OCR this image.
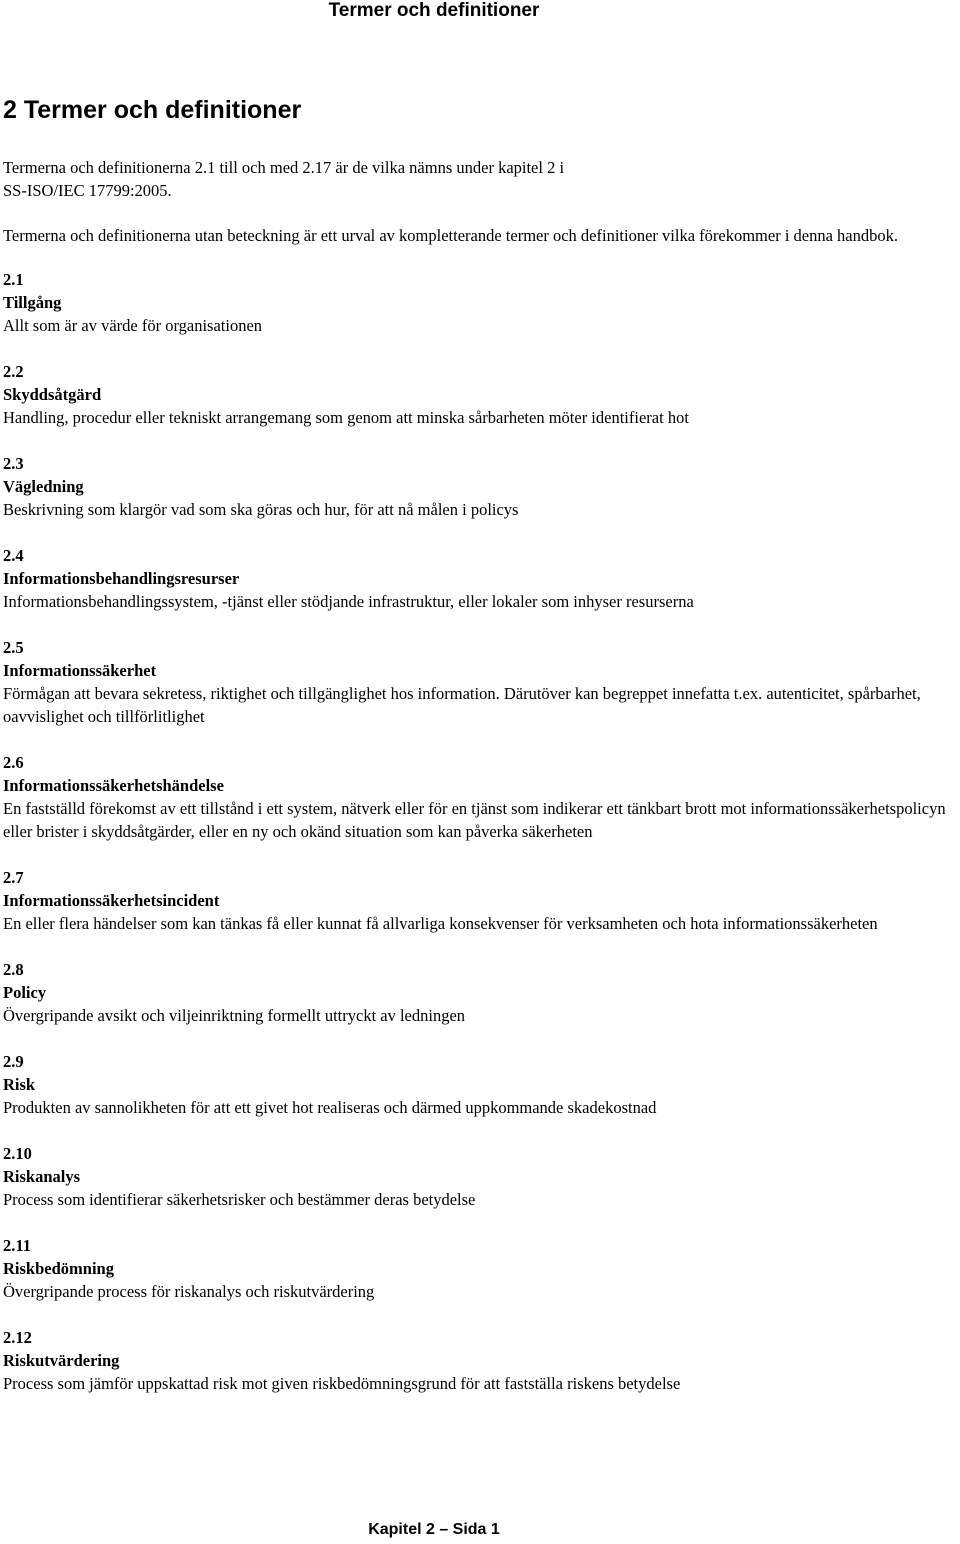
Termer och definitioner
2 Termer och definitioner

Termerna och definitionerna 2.1 till och med 2.17 är de vilka nämns under kapitel 2 i
SS-ISO/IEC 17799:2005.

Termerna och definitionerna utan beteckning är ett urval av kompletterande termer och definitioner vilka förekommer i denna handbok.

2.1
Tillgång
Allt som är av värde för organisationen
2.2
Skyddsåtgärd
Handling, procedur eller tekniskt arrangemang som genom att minska sårbarheten möter identifierat hot
2.3
Vägledning
Beskrivning som klargör vad som ska göras och hur, för att nå målen i policys
2.4
Informationsbehandlingsresurser
Informationsbehandlingssystem, -tjänst eller stödjande infrastruktur, eller lokaler som inhyser resurserna
2.5
Informationssäkerhet
Förmågan att bevara sekretess, riktighet och tillgänglighet hos information. Därutöver kan begreppet innefatta t.ex. autenticitet, spårbarhet, oavvislighet och tillförlitlighet
2.6
Informationssäkerhetshändelse
En fastställd förekomst av ett tillstånd i ett system, nätverk eller för en tjänst som indikerar ett tänkbart brott mot informationssäkerhetspolicyn eller brister i skyddsåtgärder, eller en ny och okänd situation som kan påverka säkerheten
2.7
Informationssäkerhetsincident
En eller flera händelser som kan tänkas få eller kunnat få allvarliga konsekvenser för verksamheten och hota informationssäkerheten
2.8
Policy
Övergripande avsikt och viljeinriktning formellt uttryckt av ledningen
2.9
Risk
Produkten av sannolikheten för att ett givet hot realiseras och därmed uppkommande skadekostnad
2.10
Riskanalys
Process som identifierar säkerhetsrisker och bestämmer deras betydelse
2.11
Riskbedömning
Övergripande process för riskanalys och riskutvärdering
2.12
Riskutvärdering
Process som jämför uppskattad risk mot given riskbedömningsgrund för att fastställa riskens betydelse
Kapitel 2 – Sida 1
